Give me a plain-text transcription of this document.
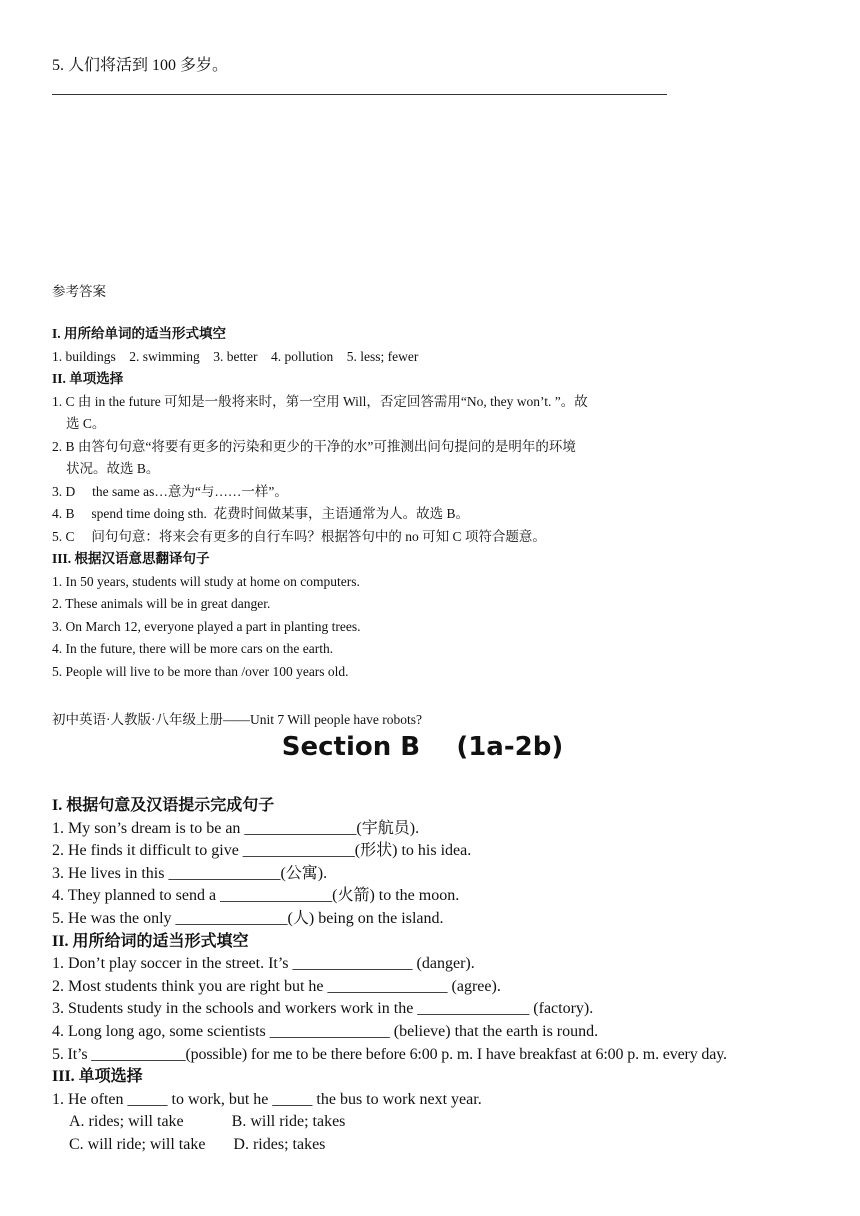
5. 人们将活到 100 多岁。
参考答案
I. 用所给单词的适当形式填空
1. buildings    2. swimming    3. better    4. pollution    5. less; fewer
II. 单项选择
1. C 由 in the future 可知是一般将来时，第一空用 Will，否定回答需用“No, they won’t. ”。故
选 C。
2. B 由答句句意“将要有更多的污染和更少的干净的水”可推测出问句提问的是明年的环境
状况。故选 B。
3. D     the same as…意为“与……一样”。
4. B     spend time doing sth.  花费时间做某事，主语通常为人。故选 B。
5. C     问句句意：将来会有更多的自行车吗？根据答句中的 no 可知 C 项符合题意。
III. 根据汉语意思翻译句子
1. In 50 years, students will study at home on computers.
2. These animals will be in great danger.
3. On March 12, everyone played a part in planting trees.
4. In the future, there will be more cars on the earth.
5. People will live to be more than /over 100 years old.
初中英语·人教版·八年级上册——Unit 7 Will people have robots?
Section B    (1a-2b)
I. 根据句意及汉语提示完成句子
1. My son’s dream is to be an ______________(宇航员).
2. He finds it difficult to give ______________(形状) to his idea.
3. He lives in this ______________(公寓).
4. They planned to send a ______________(火箭) to the moon.
5. He was the only ______________(人) being on the island.
II. 用所给词的适当形式填空
1. Don’t play soccer in the street. It’s _______________ (danger).
2. Most students think you are right but he _______________ (agree).
3. Students study in the schools and workers work in the ______________ (factory).
4. Long long ago, some scientists _______________ (believe) that the earth is round.
5. It’s ____________(possible) for me to be there before 6:00 p. m. I have breakfast at 6:00 p. m. every day.
III. 单项选择
1. He often _____ to work, but he _____ the bus to work next year.
A. rides; will take            B. will ride; takes
C. will ride; will take       D. rides; takes
